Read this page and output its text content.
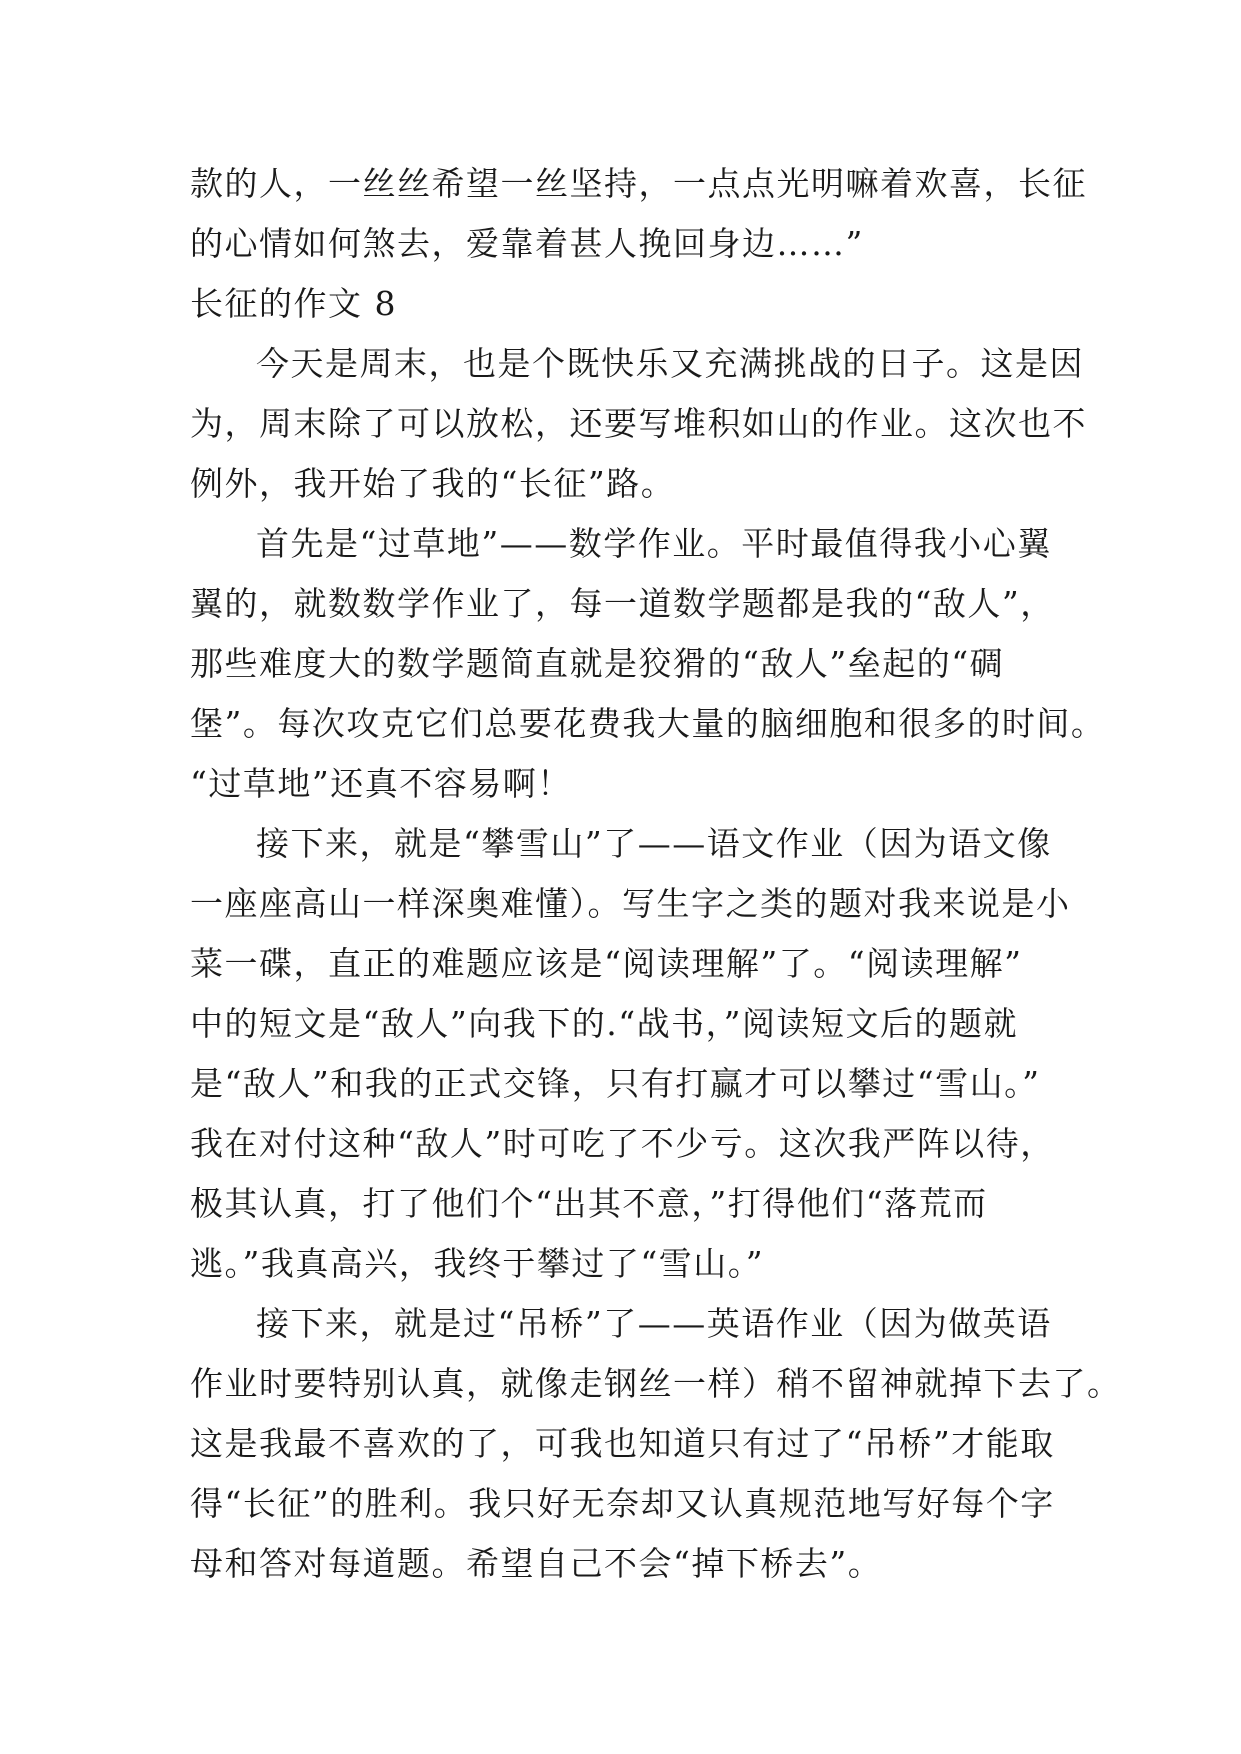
款的人，一丝丝希望一丝坚持，一点点光明嘛着欢喜，长征
的心情如何煞去，爱靠着甚人挽回身边……”
长征的作文 8
今天是周末，也是个既快乐又充满挑战的日子。这是因
为，周末除了可以放松，还要写堆积如山的作业。这次也不
例外，我开始了我的“长征”路。
首先是“过草地”——数学作业。平时最值得我小心翼
翼的，就数数学作业了，每一道数学题都是我的“敌人”，
那些难度大的数学题简直就是狡猾的“敌人”垒起的“碉
堡”。每次攻克它们总要花费我大量的脑细胞和很多的时间。
“过草地”还真不容易啊！
接下来，就是“攀雪山”了——语文作业（因为语文像
一座座高山一样深奥难懂）。写生字之类的题对我来说是小
菜一碟，直正的难题应该是“阅读理解”了。“阅读理解”
中的短文是“敌人”向我下的.“战书，”阅读短文后的题就
是“敌人”和我的正式交锋，只有打赢才可以攀过“雪山。”
我在对付这种“敌人”时可吃了不少亏。这次我严阵以待，
极其认真，打了他们个“出其不意，”打得他们“落荒而
逃。”我真高兴，我终于攀过了“雪山。”
接下来，就是过“吊桥”了——英语作业（因为做英语
作业时要特别认真，就像走钢丝一样）稍不留神就掉下去了。
这是我最不喜欢的了，可我也知道只有过了“吊桥”才能取
得“长征”的胜利。我只好无奈却又认真规范地写好每个字
母和答对每道题。希望自己不会“掉下桥去”。
